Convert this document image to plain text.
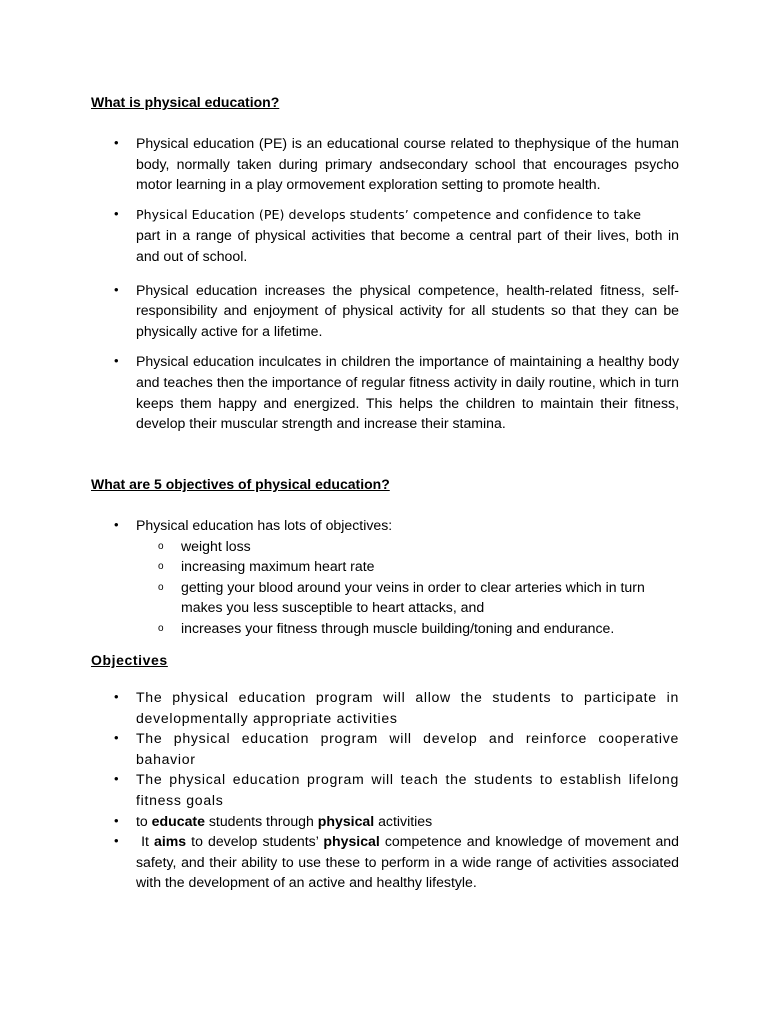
What is physical education?
• Physical education (PE) is an educational course related to thephysique of the human body, normally taken during primary andsecondary school that encourages psycho motor learning in a play ormovement exploration setting to promote health.
• Physical Education (PE) develops students’ competence and confidence to take
part in a range of physical activities that become a central part of their lives, both in and out of school.
• Physical education increases the physical competence, health-related fitness, self-responsibility and enjoyment of physical activity for all students so that they can be physically active for a lifetime.
• Physical education inculcates in children the importance of maintaining a healthy body and teaches then the importance of regular fitness activity in daily routine, which in turn keeps them happy and energized. This helps the children to maintain their fitness, develop their muscular strength and increase their stamina.
What are 5 objectives of physical education?
• Physical education has lots of objectives:
o weight loss
o increasing maximum heart rate
o getting your blood around your veins in order to clear arteries which in turn makes you less susceptible to heart attacks, and
o increases your fitness through muscle building/toning and endurance.
Objectives
• The physical education program will allow the students to participate in developmentally appropriate activities
• The physical education program will develop and reinforce cooperative bahavior
• The physical education program will teach the students to establish lifelong fitness goals
• to educate students through physical activities
• It aims to develop students’ physical competence and knowledge of movement and safety, and their ability to use these to perform in a wide range of activities associated with the development of an active and healthy lifestyle.
